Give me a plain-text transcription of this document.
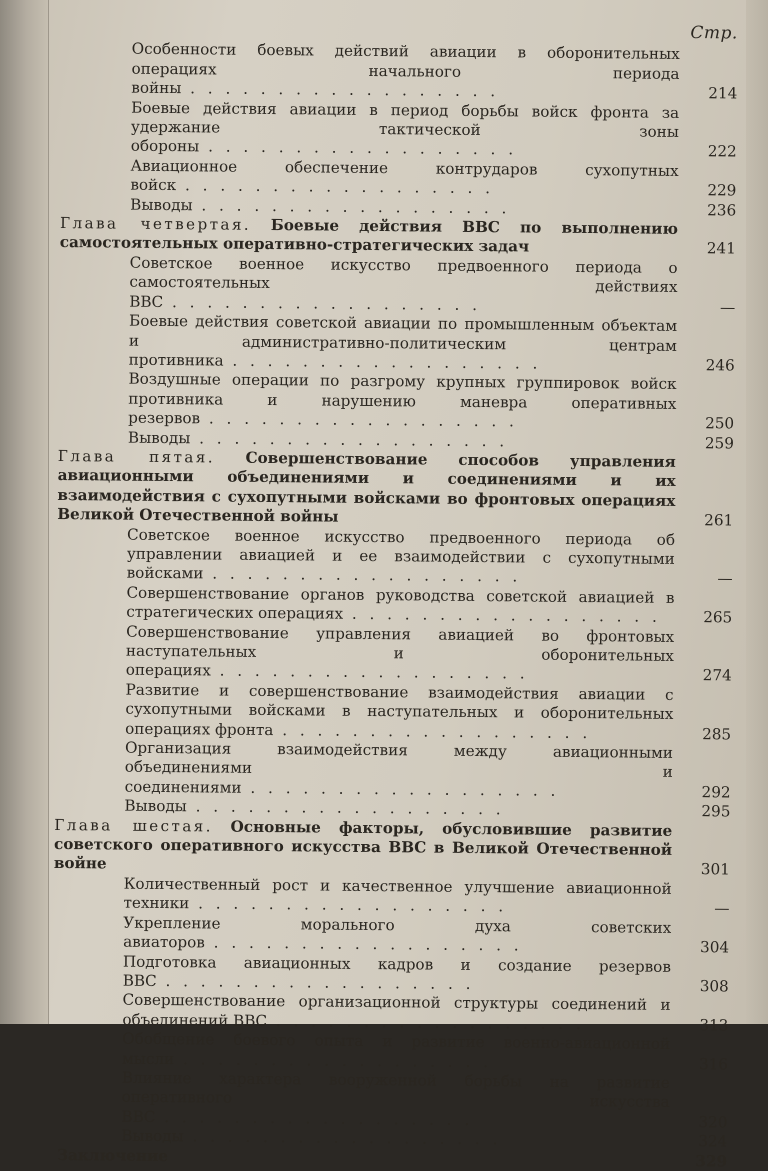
Стр.
Особенности боевых действий авиации в оборонительных операциях начального периода войны . . .	214
Боевые действия авиации в период борьбы войск фронта за удержание тактической зоны обороны . . .	222
Авиационное обеспечение контрударов сухопутных войск . . .	229
Выводы . . .	236
Глава четвертая. Боевые действия ВВС по выполнению самостоятельных оперативно-стратегических задач	241
Советское военное искусство предвоенного периода о самостоятельных действиях ВВС . . .	—
Боевые действия советской авиации по промышленным объектам и административно-политическим центрам противника . . .	246
Воздушные операции по разгрому крупных группировок войск противника и нарушению маневра оперативных резервов . . .	250
Выводы . . .	259
Глава пятая. Совершенствование способов управления авиационными объединениями и соединениями и их взаимодействия с сухопутными войсками во фронтовых операциях Великой Отечественной войны	261
Советское военное искусство предвоенного периода об управлении авиацией и ее взаимодействии с сухопутными войсками . . .	—
Совершенствование органов руководства советской авиацией в стратегических операциях . . .	265
Совершенствование управления авиацией во фронтовых наступательных и оборонительных операциях . . .	274
Развитие и совершенствование взаимодействия авиации с сухопутными войсками в наступательных и оборонительных операциях фронта . . .	285
Организация взаимодействия между авиационными объединениями и соединениями . . .	292
Выводы . . .	295
Глава шестая. Основные факторы, обусловившие развитие советского оперативного искусства ВВС в Великой Отечественной войне	301
Количественный рост и качественное улучшение авиационной техники . . .	—
Укрепление морального духа советских авиаторов . . .	304
Подготовка авиационных кадров и создание резервов ВВС . . .	308
Совершенствование организационной структуры соединений и объединений ВВС . . .	313
Обобщение боевого опыта и развитие военно-авиационной мысли . . .	316
Влияние характера вооруженной борьбы на развитие оперативного искусства ВВС . . .	320
Выводы . . .	324
Заключение	329
